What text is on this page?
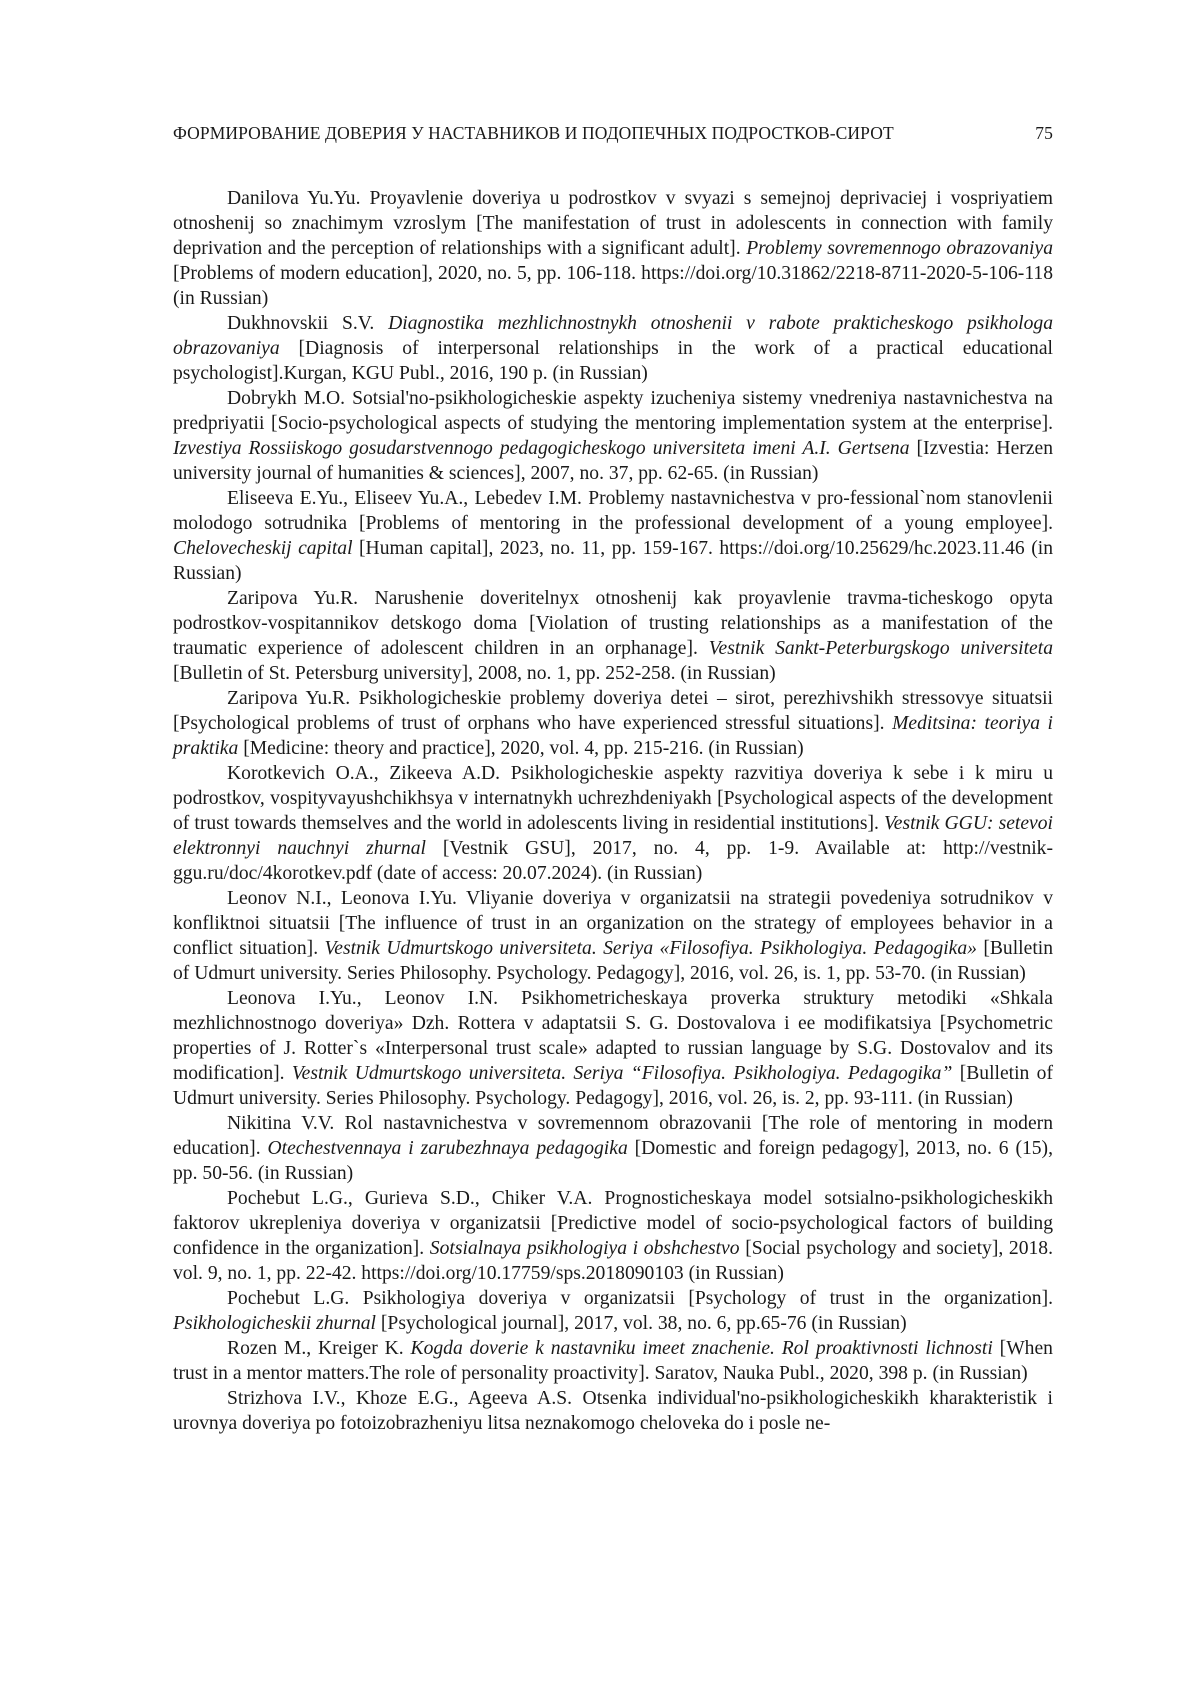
ФОРМИРОВАНИЕ ДОВЕРИЯ У НАСТАВНИКОВ И ПОДОПЕЧНЫХ ПОДРОСТКОВ-СИРОТ	75

Danilova Yu.Yu. Proyavlenie doveriya u podrostkov v svyazi s semejnoj deprivaciej i vospriyatiem otnoshenij so znachimym vzroslym [The manifestation of trust in adolescents in connection with family deprivation and the perception of relationships with a significant adult]. Problemy sovremennogo obrazovaniya [Problems of modern education], 2020, no. 5, pp. 106-118. https://doi.org/10.31862/2218-8711-2020-5-106-118 (in Russian)

Dukhnovskii S.V. Diagnostika mezhlichnostnykh otnoshenii v rabote prakticheskogo psikhologa obrazovaniya [Diagnosis of interpersonal relationships in the work of a practical educational psychologist].Kurgan, KGU Publ., 2016, 190 p. (in Russian)

Dobrykh M.O. Sotsial'no-psikhologicheskie aspekty izucheniya sistemy vnedreniya nastavnichestva na predpriyatii [Socio-psychological aspects of studying the mentoring implementation system at the enterprise]. Izvestiya Rossiiskogo gosudarstvennogo pedagogicheskogo universiteta imeni A.I. Gertsena [Izvestia: Herzen university journal of humanities & sciences], 2007, no. 37, pp. 62-65. (in Russian)

Eliseeva E.Yu., Eliseev Yu.A., Lebedev I.M. Problemy nastavnichestva v pro-fessional`nom stanovlenii molodogo sotrudnika [Problems of mentoring in the professional development of a young employee]. Chelovecheskij capital [Human capital], 2023, no. 11, pp. 159-167. https://doi.org/10.25629/hc.2023.11.46 (in Russian)

Zaripova Yu.R. Narushenie doveritelnyx otnoshenij kak proyavlenie travma-ticheskogo opyta podrostkov-vospitannikov detskogo doma [Violation of trusting relationships as a manifestation of the traumatic experience of adolescent children in an orphanage]. Vestnik Sankt-Peterburgskogo universiteta [Bulletin of St. Petersburg university], 2008, no. 1, pp. 252-258. (in Russian)

Zaripova Yu.R. Psikhologicheskie problemy doveriya detei – sirot, perezhivshikh stressovye situatsii [Psychological problems of trust of orphans who have experienced stressful situations]. Meditsina: teoriya i praktika [Medicine: theory and practice], 2020, vol. 4, pp. 215-216. (in Russian)

Korotkevich O.A., Zikeeva A.D. Psikhologicheskie aspekty razvitiya doveriya k sebe i k miru u podrostkov, vospityvayushchikhsya v internatnykh uchrezhdeniyakh [Psychological aspects of the development of trust towards themselves and the world in adolescents living in residential institutions]. Vestnik GGU: setevoi elektronnyi nauchnyi zhurnal [Vestnik GSU], 2017, no. 4, pp. 1-9. Available at: http://vestnik-ggu.ru/doc/4korotkev.pdf (date of access: 20.07.2024). (in Russian)

Leonov N.I., Leonova I.Yu. Vliyanie doveriya v organizatsii na strategii povedeniya sotrudnikov v konfliktnoi situatsii [The influence of trust in an organization on the strategy of employees behavior in a conflict situation]. Vestnik Udmurtskogo universiteta. Seriya «Filosofiya. Psikhologiya. Pedagogika» [Bulletin of Udmurt university. Series Philosophy. Psychology. Pedagogy], 2016, vol. 26, is. 1, pp. 53-70. (in Russian)

Leonova I.Yu., Leonov I.N. Psikhometricheskaya proverka struktury metodiki «Shkala mezhlichnostnogo doveriya» Dzh. Rottera v adaptatsii S. G. Dostovalova i ee modifikatsiya [Psychometric properties of J. Rotter`s «Interpersonal trust scale» adapted to russian language by S.G. Dostovalov and its modification]. Vestnik Udmurtskogo universiteta. Seriya “Filosofiya. Psikhologiya. Pedagogika” [Bulletin of Udmurt university. Series Philosophy. Psychology. Pedagogy], 2016, vol. 26, is. 2, pp. 93-111. (in Russian)

Nikitina V.V. Rol nastavnichestva v sovremennom obrazovanii [The role of mentoring in modern education]. Otechestvennaya i zarubezhnaya pedagogika [Domestic and foreign pedagogy], 2013, no. 6 (15), pp. 50-56. (in Russian)

Pochebut L.G., Gurieva S.D., Chiker V.A. Prognosticheskaya model sotsialno-psikhologicheskikh faktorov ukrepleniya doveriya v organizatsii [Predictive model of socio-psychological factors of building confidence in the organization]. Sotsialnaya psikhologiya i obshchestvo [Social psychology and society], 2018. vol. 9, no. 1, pp. 22-42. https://doi.org/10.17759/sps.2018090103 (in Russian)

Pochebut L.G. Psikhologiya doveriya v organizatsii [Psychology of trust in the organization]. Psikhologicheskii zhurnal [Psychological journal], 2017, vol. 38, no. 6, pp.65-76 (in Russian)

Rozen M., Kreiger K. Kogda doverie k nastavniku imeet znachenie. Rol proaktivnosti lichnosti [When trust in a mentor matters.The role of personality proactivity]. Saratov, Nauka Publ., 2020, 398 p. (in Russian)

Strizhova I.V., Khoze E.G., Ageeva A.S. Otsenka individual'no-psikhologicheskikh kharakteristik i urovnya doveriya po fotoizobrazheniyu litsa neznakomogo cheloveka do i posle ne-
